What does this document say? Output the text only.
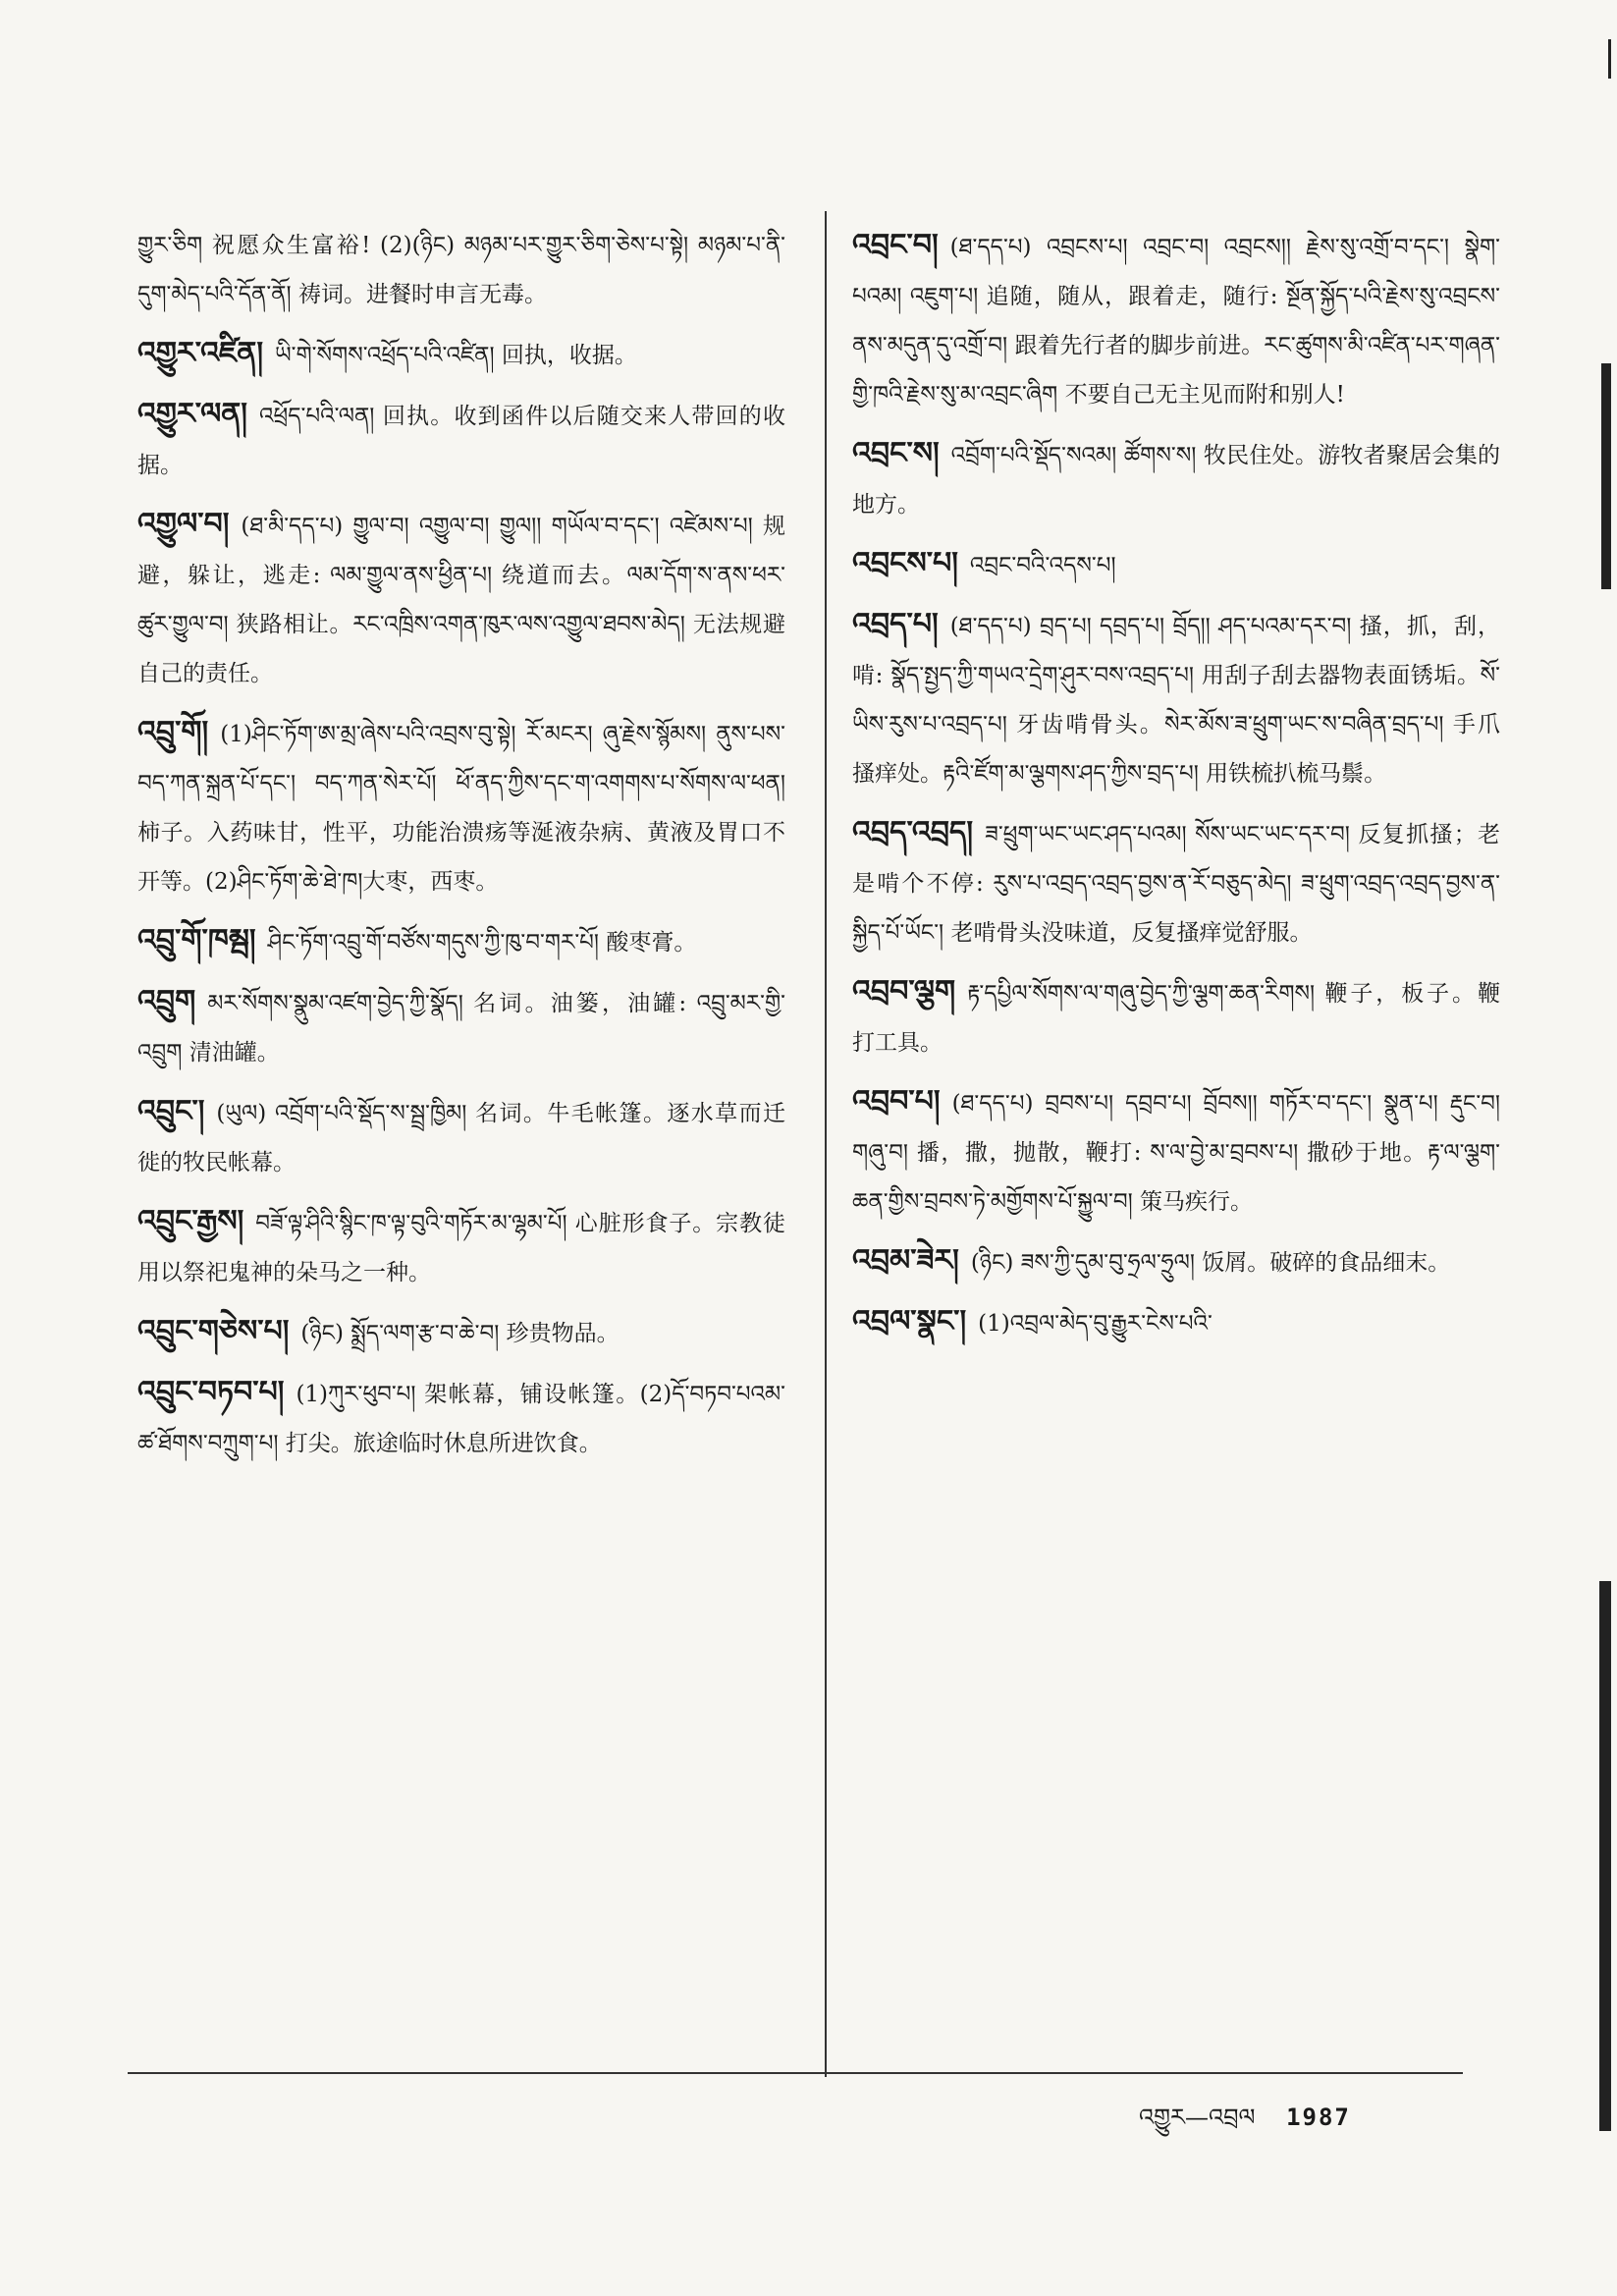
གྱུར་ཅིག 祝愿众生富裕! (2)(ཉིང) མཉམ་པར་གྱུར་ཅིག་ཅེས་པ་སྟེ། མཉམ་པ་ནི་དུག་མེད་པའི་དོན་ནོ། 祷词。进餐时申言无毒。

འགྱུར་འཛིན། ཡི་གེ་སོགས་འཕྲོད་པའི་འཛིན། 回执，收据。

འགྱུར་ལན། འཕྲོད་པའི་ལན། 回执。收到函件以后随交来人带回的收据。

འགྱུལ་བ། (ཐ་མི་དད་པ) གྱུལ་བ། འགྱུལ་བ། གྱུལ།། གཡོལ་བ་དང་། འཛེམས་པ། 规避，躲让，逃走: ལམ་གྱུལ་ནས་ཕྱིན་པ། 绕道而去。ལམ་དོག་ས་ནས་ཕར་ཚུར་གྱུལ་བ། 狭路相让。རང་འཁྲིས་འགན་ཁུར་ལས་འགྱུལ་ཐབས་མེད། 无法规避自己的责任。

འབྲུ་གོ། (1)ཤིང་ཏོག་ཨ་མྲ་ཞེས་པའི་འབྲས་བུ་སྟེ། རོ་མངར། ཞུ་རྗེས་སྙོམས། ནུས་པས་བད་ཀན་སྐྲན་པོ་དང་། བད་ཀན་སེར་པོ། ཕོ་ནད་ཀྱིས་དང་ག་འགགས་པ་སོགས་ལ་ཕན། 柿子。入药味甘，性平，功能治溃疡等涎液杂病、黄液及胃口不开等。(2)ཤིང་ཏོག་ཆེ་ཐེ་ཁ།大枣，西枣。

འབྲུ་གོ་ཁམྦ། ཤིང་ཏོག་འབྲུ་གོ་བཙོས་གདུས་ཀྱི་ཁུ་བ་གར་པོ། 酸枣膏。

འབྲུག མར་སོགས་སྣུམ་འཛག་བྱེད་ཀྱི་སྣོད། 名词。油篓，油罐: འབྲུ་མར་གྱི་འབྲུག 清油罐。

འབྲུང་། (ཡུལ) འབྲོག་པའི་སྡོད་ས་སྦྲ་ཁྱིམ། 名词。牛毛帐篷。逐水草而迁徙的牧民帐幕。

འབྲུང་རྒྱས། བཟོ་ལྟ་ཤིའི་སྙིང་ཁ་ལྟ་བུའི་གཏོར་མ་ལྷམ་པོ། 心脏形食子。宗教徒用以祭祀鬼神的朵马之一种。

འབྲུང་གཅེས་པ། (ཉིང) སྨྲོད་ལག་རྩ་བ་ཆེ་བ། 珍贵物品。

འབྲུང་བཏབ་པ། (1)ཀུར་ཕུབ་པ། 架帐幕，铺设帐篷。(2)དོ་བཏབ་པའམ་ཚ་ཐོགས་བཀྲུག་པ། 打尖。旅途临时休息所进饮食。

འབྲང་བ། (ཐ་དད་པ) འབྲངས་པ། འབྲང་བ། འབྲངས།། རྗེས་སུ་འགྲོ་བ་དང་། སྣེག་པའམ། འཇུག་པ། 追随，随从，跟着走，随行: སྔོན་སྐྱོད་པའི་རྗེས་སུ་འབྲངས་ནས་མདུན་དུ་འགྲོ་བ། 跟着先行者的脚步前进。རང་ཚུགས་མི་འཛིན་པར་གཞན་གྱི་ཁའི་རྗེས་སུ་མ་འབྲང་ཞིག 不要自己无主见而附和别人!

འབྲང་ས། འབྲོག་པའི་སྡོད་སའམ། ཚོགས་ས། 牧民住处。游牧者聚居会集的地方。

འབྲངས་པ། འབྲང་བའི་འདས་པ།

འབྲད་པ། (ཐ་དད་པ) བྲད་པ། དབྲད་པ། བྲོད།། ཤད་པའམ་དར་བ། 搔，抓，刮，啃: སྣོད་སྤྱད་ཀྱི་གཡའ་དྲེག་ཤུར་བས་འབྲད་པ། 用刮子刮去器物表面锈垢。སོ་ཡིས་རུས་པ་འབྲད་པ། 牙齿啃骨头。སེར་མོས་ཟ་ཕྲུག་ཡང་ས་བཞིན་བྲད་པ། 手爪搔痒处。རྟའི་ཛོག་མ་ལྕགས་ཤད་ཀྱིས་བྲད་པ། 用铁梳扒梳马鬃。

འབྲད་འབྲད། ཟ་ཕྲུག་ཡང་ཡང་ཤད་པའམ། སོས་ཡང་ཡང་དར་བ། 反复抓搔；老是啃个不停: རུས་པ་འབྲད་འབྲད་བྱས་ན་རོ་བཅུད་མེད། ཟ་ཕྲུག་འབྲད་འབྲད་བྱས་ན་སྐྱིད་པོ་ཡོང་། 老啃骨头没味道，反复搔痒觉舒服。

འབྲབ་ལྕག རྟ་དཔྱིལ་སོགས་ལ་གཞུ་བྱེད་ཀྱི་ལྕག་ཆན་རིགས། 鞭子，板子。鞭打工具。

འབྲབ་པ། (ཐ་དད་པ) བྲབས་པ། དབྲབ་པ། བྲོབས།། གཏོར་བ་དང་། སྣུན་པ། རྡུང་བ། གཞུ་བ། 播，撒，抛散，鞭打: ས་ལ་བྱེ་མ་བྲབས་པ། 撒砂于地。རྟ་ལ་ལྕག་ཆན་གྱིས་བྲབས་ཏེ་མགྱོགས་པོ་སྐྱུལ་བ། 策马疾行。

འབྲམ་ཟེར། (ཉིང) ཟས་ཀྱི་དུམ་བུ་ཧྲལ་ཧྲུལ། 饭屑。破碎的食品细末。

འབྲལ་སྣང་། (1)འབྲལ་མེད་བུ་རྒྱུར་ངེས་པའི་

འགྱུར—འབྲལ 1987
